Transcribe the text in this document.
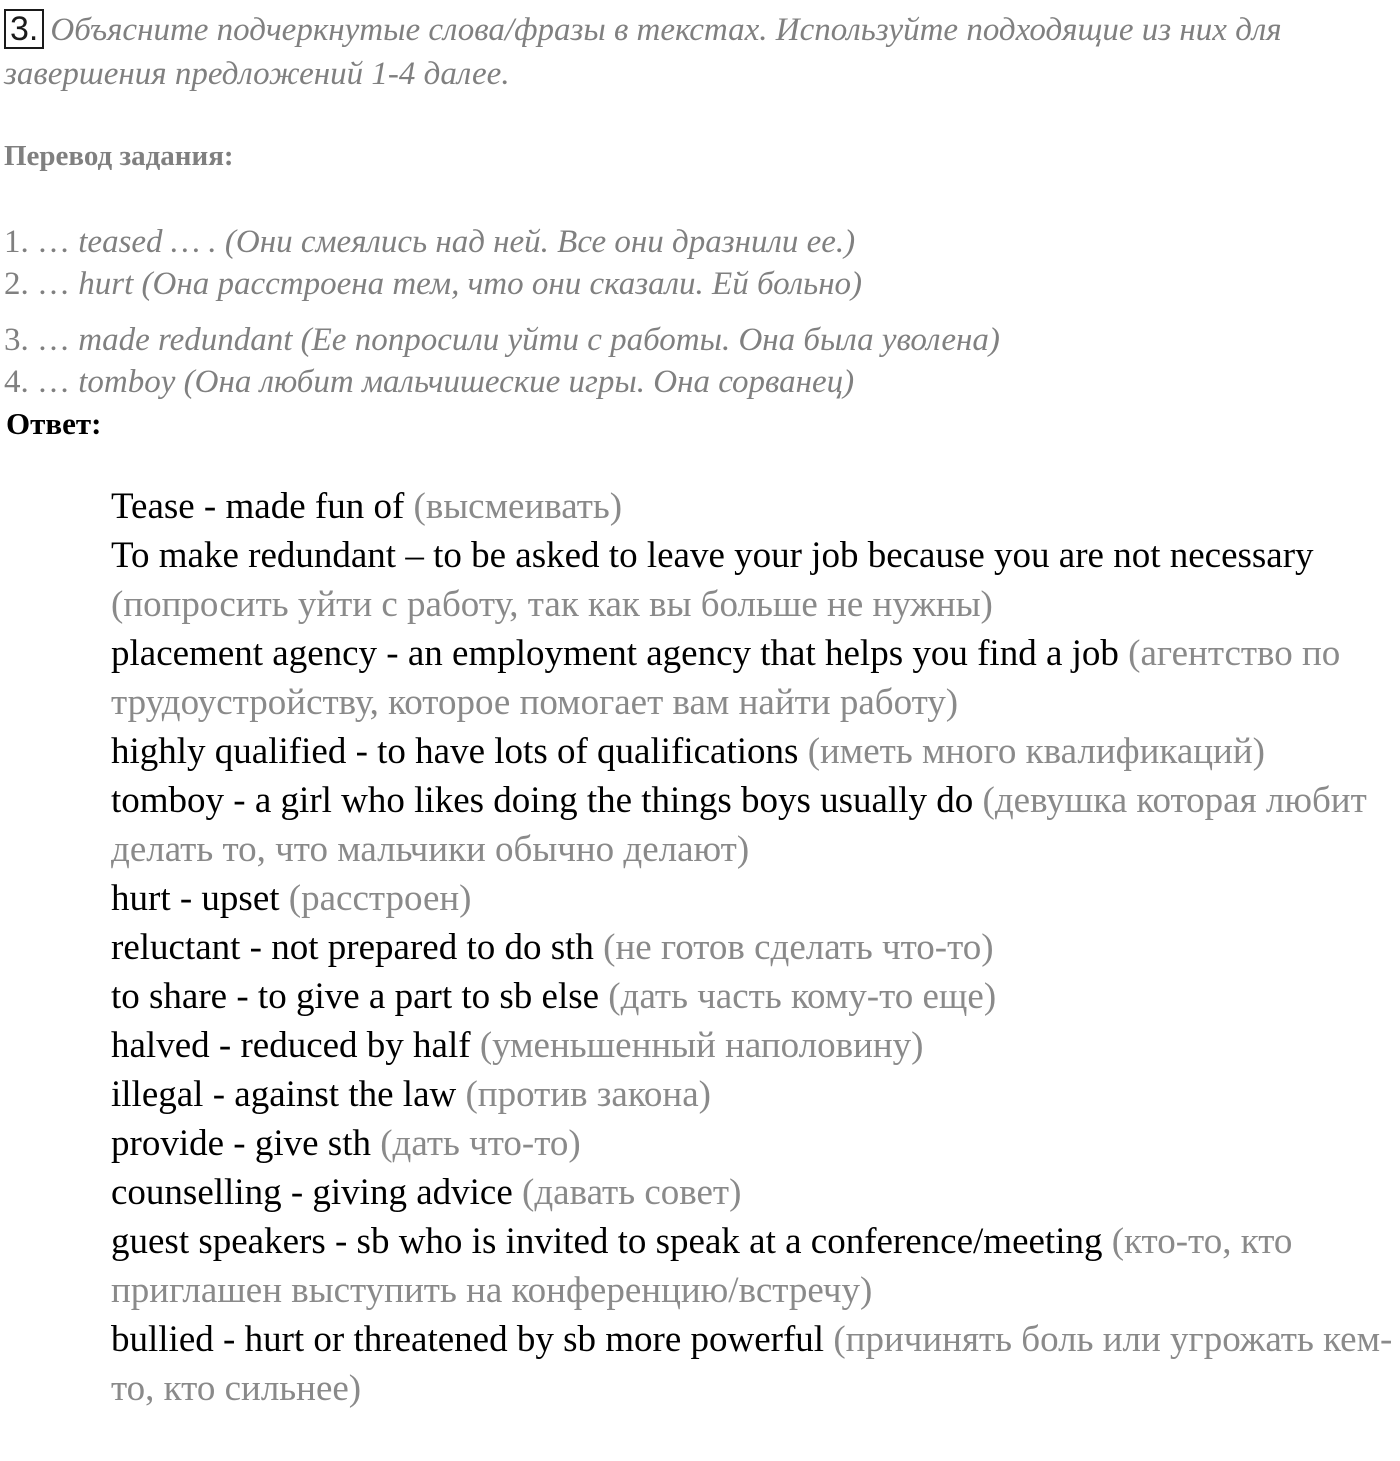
3. Объясните подчеркнутые слова/фразы в текстах. Используйте подходящие из них для завершения предложений 1-4 далее.
Перевод задания:
1. … teased … . (Они смеялись над ней. Все они дразнили ее.)
2. … hurt (Она расстроена тем, что они сказали. Ей больно)
3. … made redundant (Ее попросили уйти с работы. Она была уволена)
4. … tomboy (Она любит мальчишеские игры. Она сорванец)
Ответ:
Tease - made fun of (высмеивать)
To make redundant – to be asked to leave your job because you are not necessary (попросить уйти с работу, так как вы больше не нужны)
placement agency - an employment agency that helps you find a job (агентство по трудоустройству, которое помогает вам найти работу)
highly qualified - to have lots of qualifications (иметь много квалификаций)
tomboy - a girl who likes doing the things boys usually do (девушка которая любит делать то, что мальчики обычно делают)
hurt - upset (расстроен)
reluctant - not prepared to do sth (не готов сделать что-то)
to share - to give a part to sb else (дать часть кому-то еще)
halved - reduced by half (уменьшенный наполовину)
illegal - against the law (против закона)
provide - give sth (дать что-то)
counselling - giving advice (давать совет)
guest speakers - sb who is invited to speak at a conference/meeting (кто-то, кто приглашен выступить на конференцию/встречу)
bullied - hurt or threatened by sb more powerful (причинять боль или угрожать кем-то, кто сильнее)
